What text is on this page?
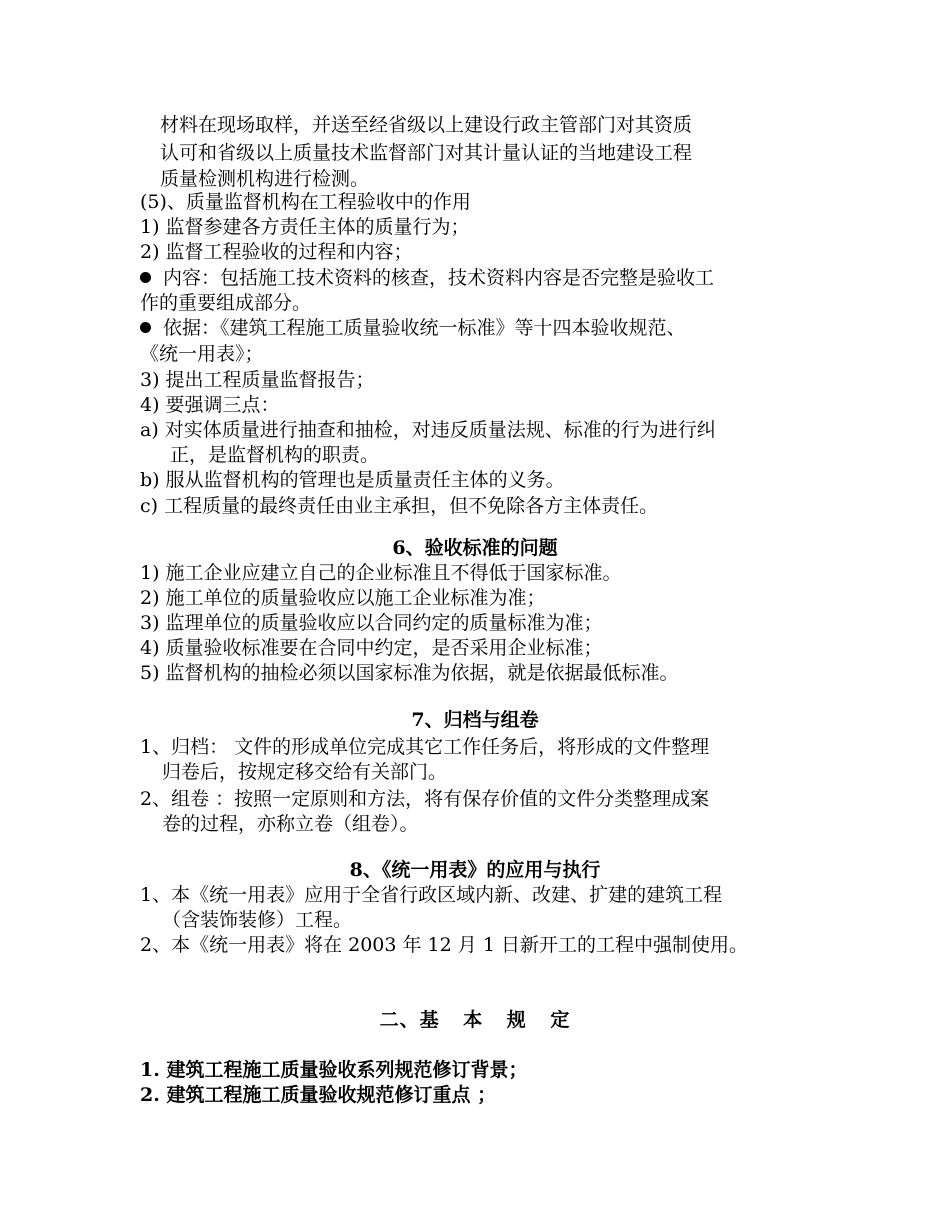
材料在现场取样，并送至经省级以上建设行政主管部门对其资质
认可和省级以上质量技术监督部门对其计量认证的当地建设工程
质量检测机构进行检测。
(5)、质量监督机构在工程验收中的作用
1) 监督参建各方责任主体的质量行为；
2) 监督工程验收的过程和内容；
内容：包括施工技术资料的核查，技术资料内容是否完整是验收工
作的重要组成部分。
依据：《建筑工程施工质量验收统一标准》等十四本验收规范、
《统一用表》；
3) 提出工程质量监督报告；
4) 要强调三点：
a) 对实体质量进行抽查和抽检，对违反质量法规、标准的行为进行纠
正，是监督机构的职责。
b) 服从监督机构的管理也是质量责任主体的义务。
c) 工程质量的最终责任由业主承担，但不免除各方主体责任。
6、验收标准的问题
1) 施工企业应建立自己的企业标准且不得低于国家标准。
2) 施工单位的质量验收应以施工企业标准为准；
3) 监理单位的质量验收应以合同约定的质量标准为准；
4) 质量验收标准要在合同中约定，是否采用企业标准；
5) 监督机构的抽检必须以国家标准为依据，就是依据最低标准。
7、归档与组卷
1、归档： 文件的形成单位完成其它工作任务后，将形成的文件整理
归卷后，按规定移交给有关部门。
2、组卷 ：按照一定原则和方法，将有保存价值的文件分类整理成案
卷的过程，亦称立卷（组卷）。
8、《统一用表》的应用与执行
1、本《统一用表》应用于全省行政区域内新、改建、扩建的建筑工程
（含装饰装修）工程。
2、本《统一用表》将在 2003 年 12 月 1 日新开工的工程中强制使用。
二、基 本 规 定
1. 建筑工程施工质量验收系列规范修订背景；
2. 建筑工程施工质量验收规范修订重点 ；
